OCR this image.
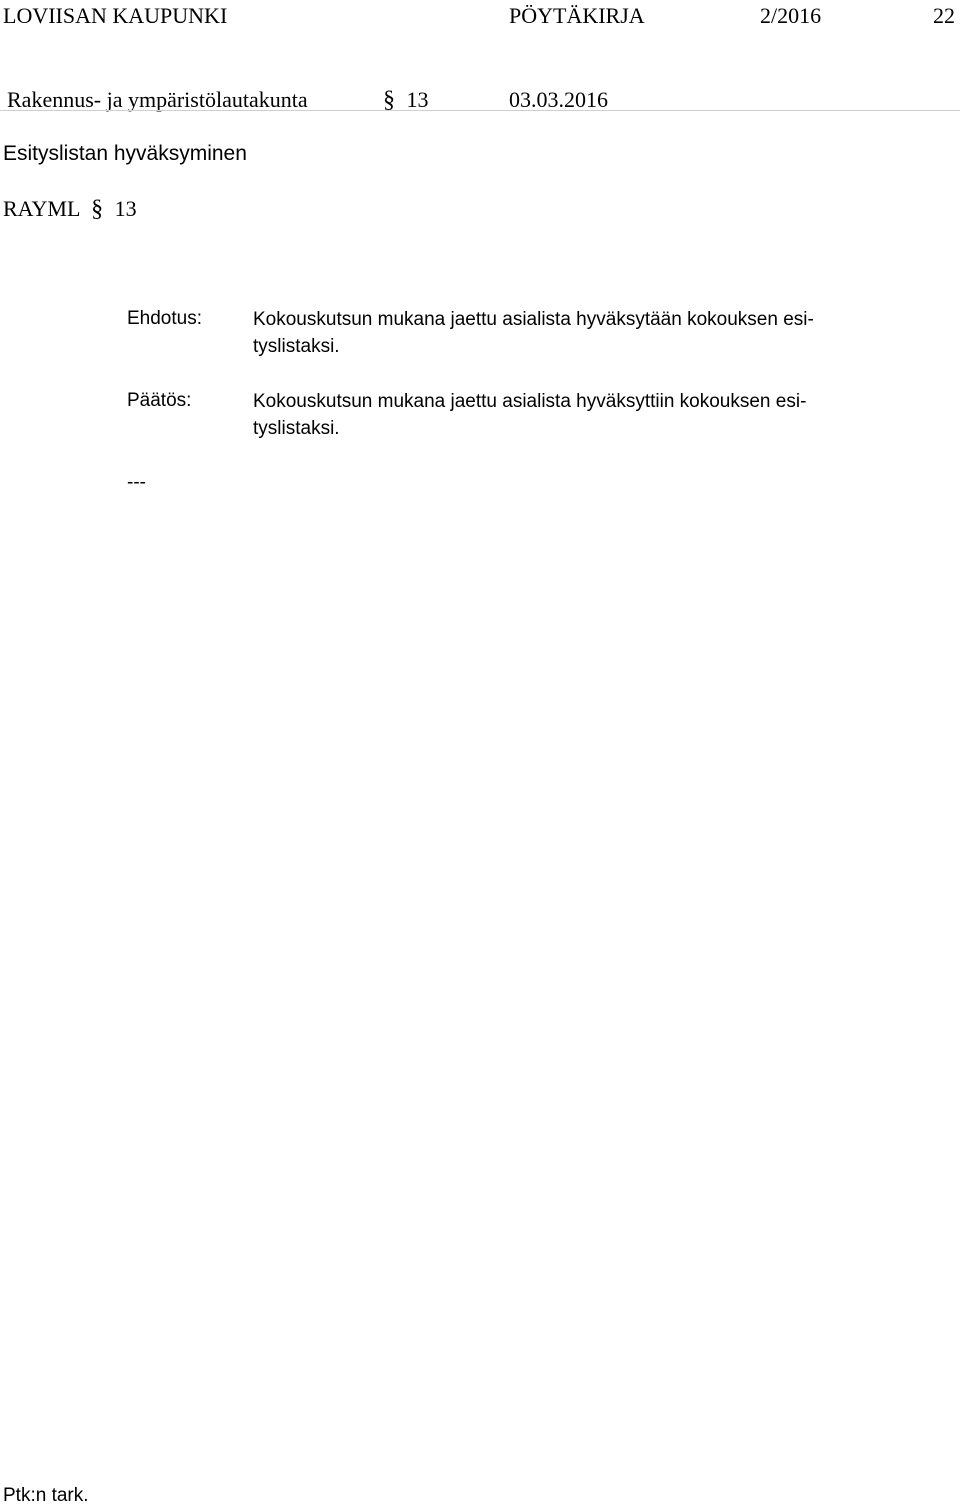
LOVIISAN KAUPUNKI	PÖYTÄKIRJA	2/2016	22
Rakennus- ja ympäristölautakunta	§ 13	03.03.2016
Esityslistan hyväksyminen
RAYML § 13
Ehdotus:	Kokouskutsun mukana jaettu asialista hyväksytään kokouksen esi-
tyslistaksi.
Päätös:	Kokouskutsun mukana jaettu asialista hyväksyttiin kokouksen esi-
tyslistaksi.
---
Ptk:n tark.
